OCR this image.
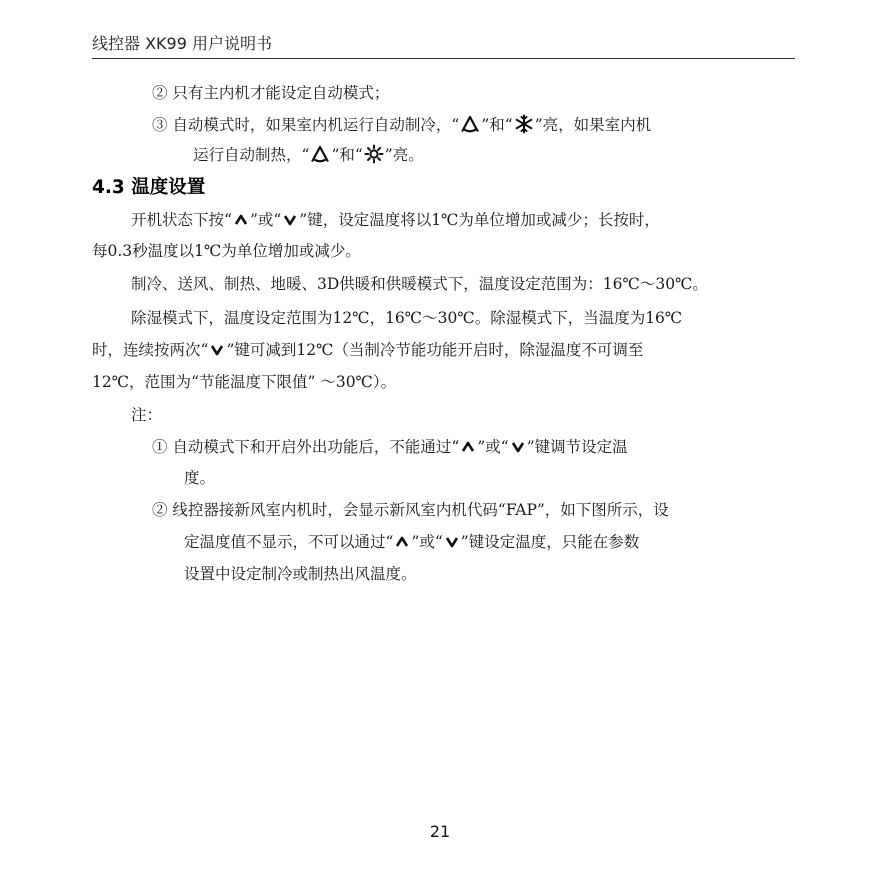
线控器 XK99 用户说明书
② 只有主内机才能设定自动模式；
③ 自动模式时，如果室内机运行自动制冷，“ ”和“ ”亮，如果室内机
运行自动制热，“ ”和“ ”亮。
4.3 温度设置
开机状态下按“ ”或“ ”键，设定温度将以1℃为单位增加或减少；长按时，
每0.3秒温度以1℃为单位增加或减少。
制冷、送风、制热、地暖、3D供暖和供暖模式下，温度设定范围为：16℃～30℃。
除湿模式下，温度设定范围为12℃，16℃～30℃。除湿模式下，当温度为16℃
时，连续按两次“ ”键可减到12℃（当制冷节能功能开启时，除湿温度不可调至
12℃，范围为“节能温度下限值” ～30℃）。
注：
① 自动模式下和开启外出功能后，不能通过“ ”或“ ”键调节设定温
度。
② 线控器接新风室内机时，会显示新风室内机代码“FAP”，如下图所示，设
定温度值不显示，不可以通过“ ”或“ ”键设定温度，只能在参数
设置中设定制冷或制热出风温度。
21
